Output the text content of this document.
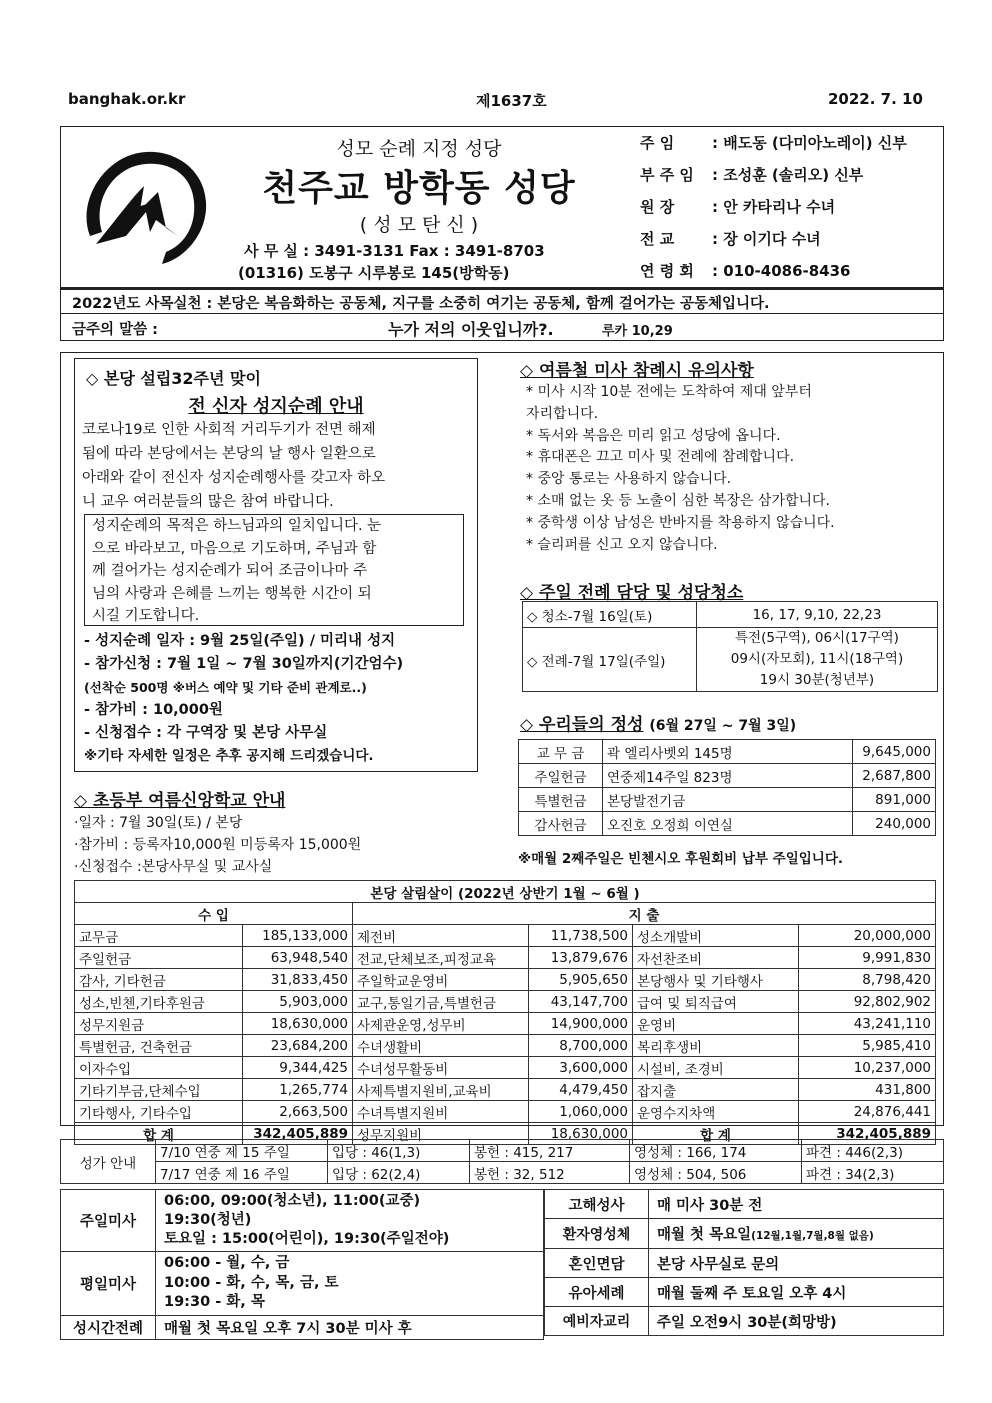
banghak.or.kr	제1637호	2022. 7. 10
성모 순례 지정 성당
천주교 방학동 성당
( 성 모 탄 신 )
사 무 실 : 3491-3131 Fax : 3491-8703
(01316) 도봉구 시루봉로 145(방학동)
주 임	: 배도동 (다미아노레이) 신부
부 주 임 : 조성훈 (솔리오) 신부
원 장	: 안 카타리나 수녀
전 교	: 장 이기다 수녀
연 령 회 : 010-4086-8436
2022년도 사목실천 : 본당은 복음화하는 공동체, 지구를 소중히 여기는 공동체, 함께 걸어가는 공동체입니다.
금주의 말씀 :	누가 저의 이웃입니까?.	루카 10,29
◇ 본당 설립32주년 맞이
전 신자 성지순례 안내
코로나19로 인한 사회적 거리두기가 전면 해제
됨에 따라 본당에서는 본당의 날 행사 일환으로
아래와 같이 전신자 성지순례행사를 갖고자 하오
니 교우 여러분들의 많은 참여 바랍니다.
성지순례의 목적은 하느님과의 일치입니다. 눈
으로 바라보고, 마음으로 기도하며, 주님과 함
께 걸어가는 성지순례가 되어 조금이나마 주
님의 사랑과 은혜를 느끼는 행복한 시간이 되
시길 기도합니다.
- 성지순례 일자 : 9월 25일(주일) / 미리내 성지
- 참가신청 : 7월 1일 ~ 7월 30일까지(기간엄수)
(선착순 500명 ※버스 예약 및 기타 준비 관계로..)
- 참가비 : 10,000원
- 신청접수 : 각 구역장 및 본당 사무실
※기타 자세한 일정은 추후 공지해 드리겠습니다.
◇ 초등부 여름신앙학교 안내
·일자 : 7월 30일(토) / 본당
·참가비 : 등록자10,000원 미등록자 15,000원
·신청접수 :본당사무실 및 교사실
◇ 여름철 미사 참례시 유의사항
* 미사 시작 10분 전에는 도착하여 제대 앞부터
자리합니다.
* 독서와 복음은 미리 읽고 성당에 옵니다.
* 휴대폰은 끄고 미사 및 전례에 참례합니다.
* 중앙 통로는 사용하지 않습니다.
* 소매 없는 옷 등 노출이 심한 복장은 삼가합니다.
* 중학생 이상 남성은 반바지를 착용하지 않습니다.
* 슬리퍼를 신고 오지 않습니다.
◇ 주일 전례 담당 및 성당청소
◇ 청소-7월 16일(토)	16, 17, 9,10, 22,23
◇ 전례-7월 17일(주일)	특전(5구역), 06시(17구역)
09시(자모회), 11시(18구역)
19시 30분(청년부)
◇ 우리들의 정성 (6월 27일 ~ 7월 3일)
교 무 금	곽 엘리사벳외 145명	9,645,000
주일헌금	연중제14주일 823명	2,687,800
특별헌금	본당발전기금	891,000
감사헌금	오진호 오정희 이연실	240,000
※매월 2째주일은 빈첸시오 후원회비 납부 주일입니다.
본당 살림살이 (2022년 상반기 1월 ~ 6월 )					
수 입		지 출			
교무금	185,133,000	제전비	11,738,500	성소개발비	20,000,000
주일헌금	63,948,540	전교,단체보조,피정교육	13,879,676	자선찬조비	9,991,830
감사, 기타헌금	31,833,450	주일학교운영비	5,905,650	본당행사 및 기타행사	8,798,420
성소,빈첸,기타후원금	5,903,000	교구,통일기금,특별헌금	43,147,700	급여 및 퇴직급여	92,802,902
성무지원금	18,630,000	사제관운영,성무비	14,900,000	운영비	43,241,110
특별헌금, 건축헌금	23,684,200	수녀생활비	8,700,000	복리후생비	5,985,410
이자수입	9,344,425	수녀성무활동비	3,600,000	시설비, 조경비	10,237,000
기타기부금,단체수입	1,265,774	사제특별지원비,교육비	4,479,450	잡지출	431,800
기타행사, 기타수입	2,663,500	수녀특별지원비	1,060,000	운영수지차액	24,876,441
합 계	342,405,889	성무지원비	18,630,000	합 계	342,405,889
성가 안내	7/10 연중 제 15 주일	입당 : 46(1,3)	봉헌 : 415, 217	영성체 : 166, 174	파견 : 446(2,3)
	7/17 연중 제 16 주일	입당 : 62(2,4)	봉헌 : 32, 512	영성체 : 504, 506	파견 : 34(2,3)
주일미사	06:00, 09:00(청소년), 11:00(교중)
19:30(청년)
토요일 : 15:00(어린이), 19:30(주일전야)

평일미사	06:00 - 월, 수, 금
10:00 - 화, 수, 목, 금, 토
19:30 - 화, 목

성시간전례	매월 첫 목요일 오후 7시 30분 미사 후
고해성사	매 미사 30분 전
환자영성체	매월 첫 목요일(12월,1월,7월,8월 없음)
혼인면담	본당 사무실로 문의
유아세례	매월 둘째 주 토요일 오후 4시
예비자교리	주일 오전9시 30분(희망방)
